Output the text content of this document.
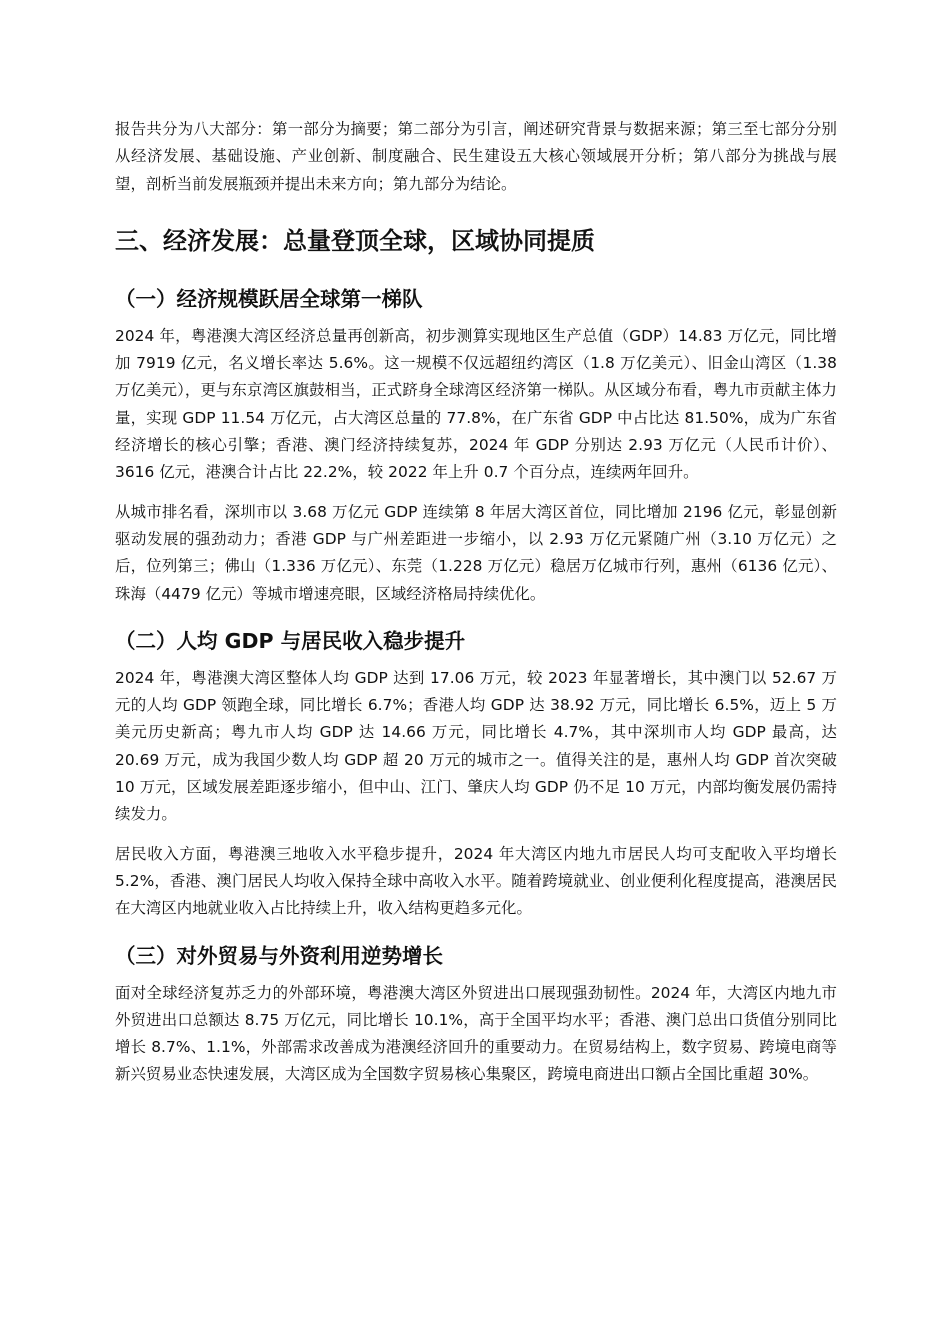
报告共分为八大部分：第一部分为摘要；第二部分为引言，阐述研究背景与数据来源；第三至七部分分别从经济发展、基础设施、产业创新、制度融合、民生建设五大核心领域展开分析；第八部分为挑战与展望，剖析当前发展瓶颈并提出未来方向；第九部分为结论。

三、经济发展：总量登顶全球，区域协同提质
（一）经济规模跃居全球第一梯队

2024 年，粤港澳大湾区经济总量再创新高，初步测算实现地区生产总值（GDP）14.83 万亿元，同比增加 7919 亿元，名义增长率达 5.6%。这一规模不仅远超纽约湾区（1.8 万亿美元）、旧金山湾区（1.38 万亿美元），更与东京湾区旗鼓相当，正式跻身全球湾区经济第一梯队。从区域分布看，粤九市贡献主体力量，实现 GDP 11.54 万亿元，占大湾区总量的 77.8%，在广东省 GDP 中占比达 81.50%，成为广东省经济增长的核心引擎；香港、澳门经济持续复苏，2024 年 GDP 分别达 2.93 万亿元（人民币计价）、3616 亿元，港澳合计占比 22.2%，较 2022 年上升 0.7 个百分点，连续两年回升。

从城市排名看，深圳市以 3.68 万亿元 GDP 连续第 8 年居大湾区首位，同比增加 2196 亿元，彰显创新驱动发展的强劲动力；香港 GDP 与广州差距进一步缩小，以 2.93 万亿元紧随广州（3.10 万亿元）之后，位列第三；佛山（1.336 万亿元）、东莞（1.228 万亿元）稳居万亿城市行列，惠州（6136 亿元）、珠海（4479 亿元）等城市增速亮眼，区域经济格局持续优化。

（二）人均 GDP 与居民收入稳步提升

2024 年，粤港澳大湾区整体人均 GDP 达到 17.06 万元，较 2023 年显著增长，其中澳门以 52.67 万元的人均 GDP 领跑全球，同比增长 6.7%；香港人均 GDP 达 38.92 万元，同比增长 6.5%，迈上 5 万美元历史新高；粤九市人均 GDP 达 14.66 万元，同比增长 4.7%，其中深圳市人均 GDP 最高，达 20.69 万元，成为我国少数人均 GDP 超 20 万元的城市之一。值得关注的是，惠州人均 GDP 首次突破 10 万元，区域发展差距逐步缩小，但中山、江门、肇庆人均 GDP 仍不足 10 万元，内部均衡发展仍需持续发力。

居民收入方面，粤港澳三地收入水平稳步提升，2024 年大湾区内地九市居民人均可支配收入平均增长 5.2%，香港、澳门居民人均收入保持全球中高收入水平。随着跨境就业、创业便利化程度提高，港澳居民在大湾区内地就业收入占比持续上升，收入结构更趋多元化。

（三）对外贸易与外资利用逆势增长

面对全球经济复苏乏力的外部环境，粤港澳大湾区外贸进出口展现强劲韧性。2024 年，大湾区内地九市外贸进出口总额达 8.75 万亿元，同比增长 10.1%，高于全国平均水平；香港、澳门总出口货值分别同比增长 8.7%、1.1%，外部需求改善成为港澳经济回升的重要动力。在贸易结构上，数字贸易、跨境电商等新兴贸易业态快速发展，大湾区成为全国数字贸易核心集聚区，跨境电商进出口额占全国比重超 30%。
